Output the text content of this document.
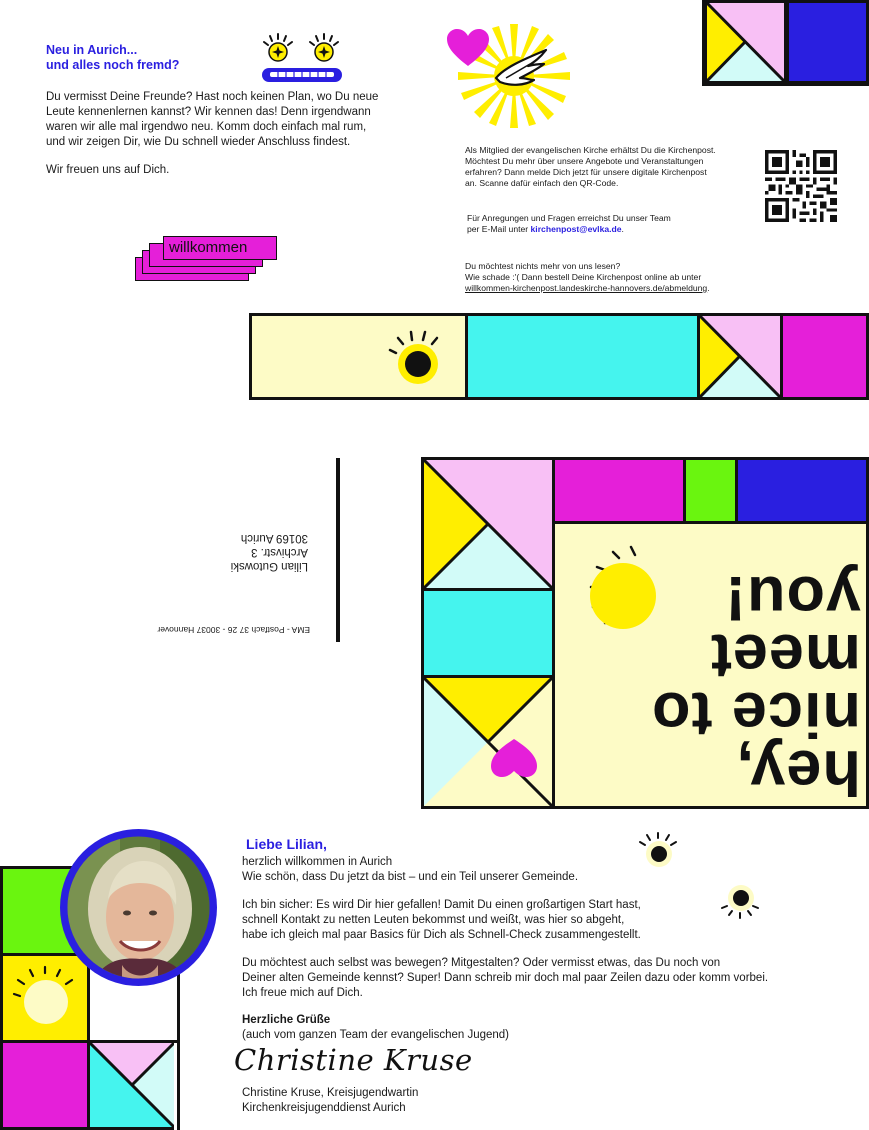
Neu in Aurich...
und alles noch fremd?

Du vermisst Deine Freunde? Hast noch keinen Plan, wo Du neue
Leute kennenlernen kannst? Wir kennen das! Denn irgendwann
waren wir alle mal irgendwo neu. Komm doch einfach mal rum,
und wir zeigen Dir, wie Du schnell wieder Anschluss findest.

Wir freuen uns auf Dich.

Als Mitglied der evangelischen Kirche erhältst Du die Kirchenpost.
Möchtest Du mehr über unsere Angebote und Veranstaltungen
erfahren? Dann melde Dich jetzt für unsere digitale Kirchenpost
an. Scanne dafür einfach den QR-Code.

Für Anregungen und Fragen erreichst Du unser Team
per E-Mail unter kirchenpost@evlka.de.
Du möchtest nichts mehr von uns lesen?
Wie schade :'( Dann bestell Deine Kirchenpost online ab unter
willkommen-kirchenpost.landeskirche-hannovers.de/abmeldung.
willkommen
EMA - Postfach 37 26 - 30037 Hannover
Lilian Gutowski
Archivstr. 3
30169 Aurich
hey,
nice to
meet
you!
Liebe Lilian,
herzlich willkommen in Aurich
Wie schön, dass Du jetzt da bist – und ein Teil unserer Gemeinde.

Ich bin sicher: Es wird Dir hier gefallen! Damit Du einen großartigen Start hast,
schnell Kontakt zu netten Leuten bekommst und weißt, was hier so abgeht,
habe ich gleich mal paar Basics für Dich als Schnell-Check zusammengestellt.

Du möchtest auch selbst was bewegen? Mitgestalten? Oder vermisst etwas, das Du noch von
Deiner alten Gemeinde kennst? Super! Dann schreib mir doch mal paar Zeilen dazu oder komm vorbei.
Ich freue mich auf Dich.

Herzliche Grüße
(auch vom ganzen Team der evangelischen Jugend)
Christine Kruse
Christine Kruse, Kreisjugendwartin
Kirchenkreisjugenddienst Aurich
